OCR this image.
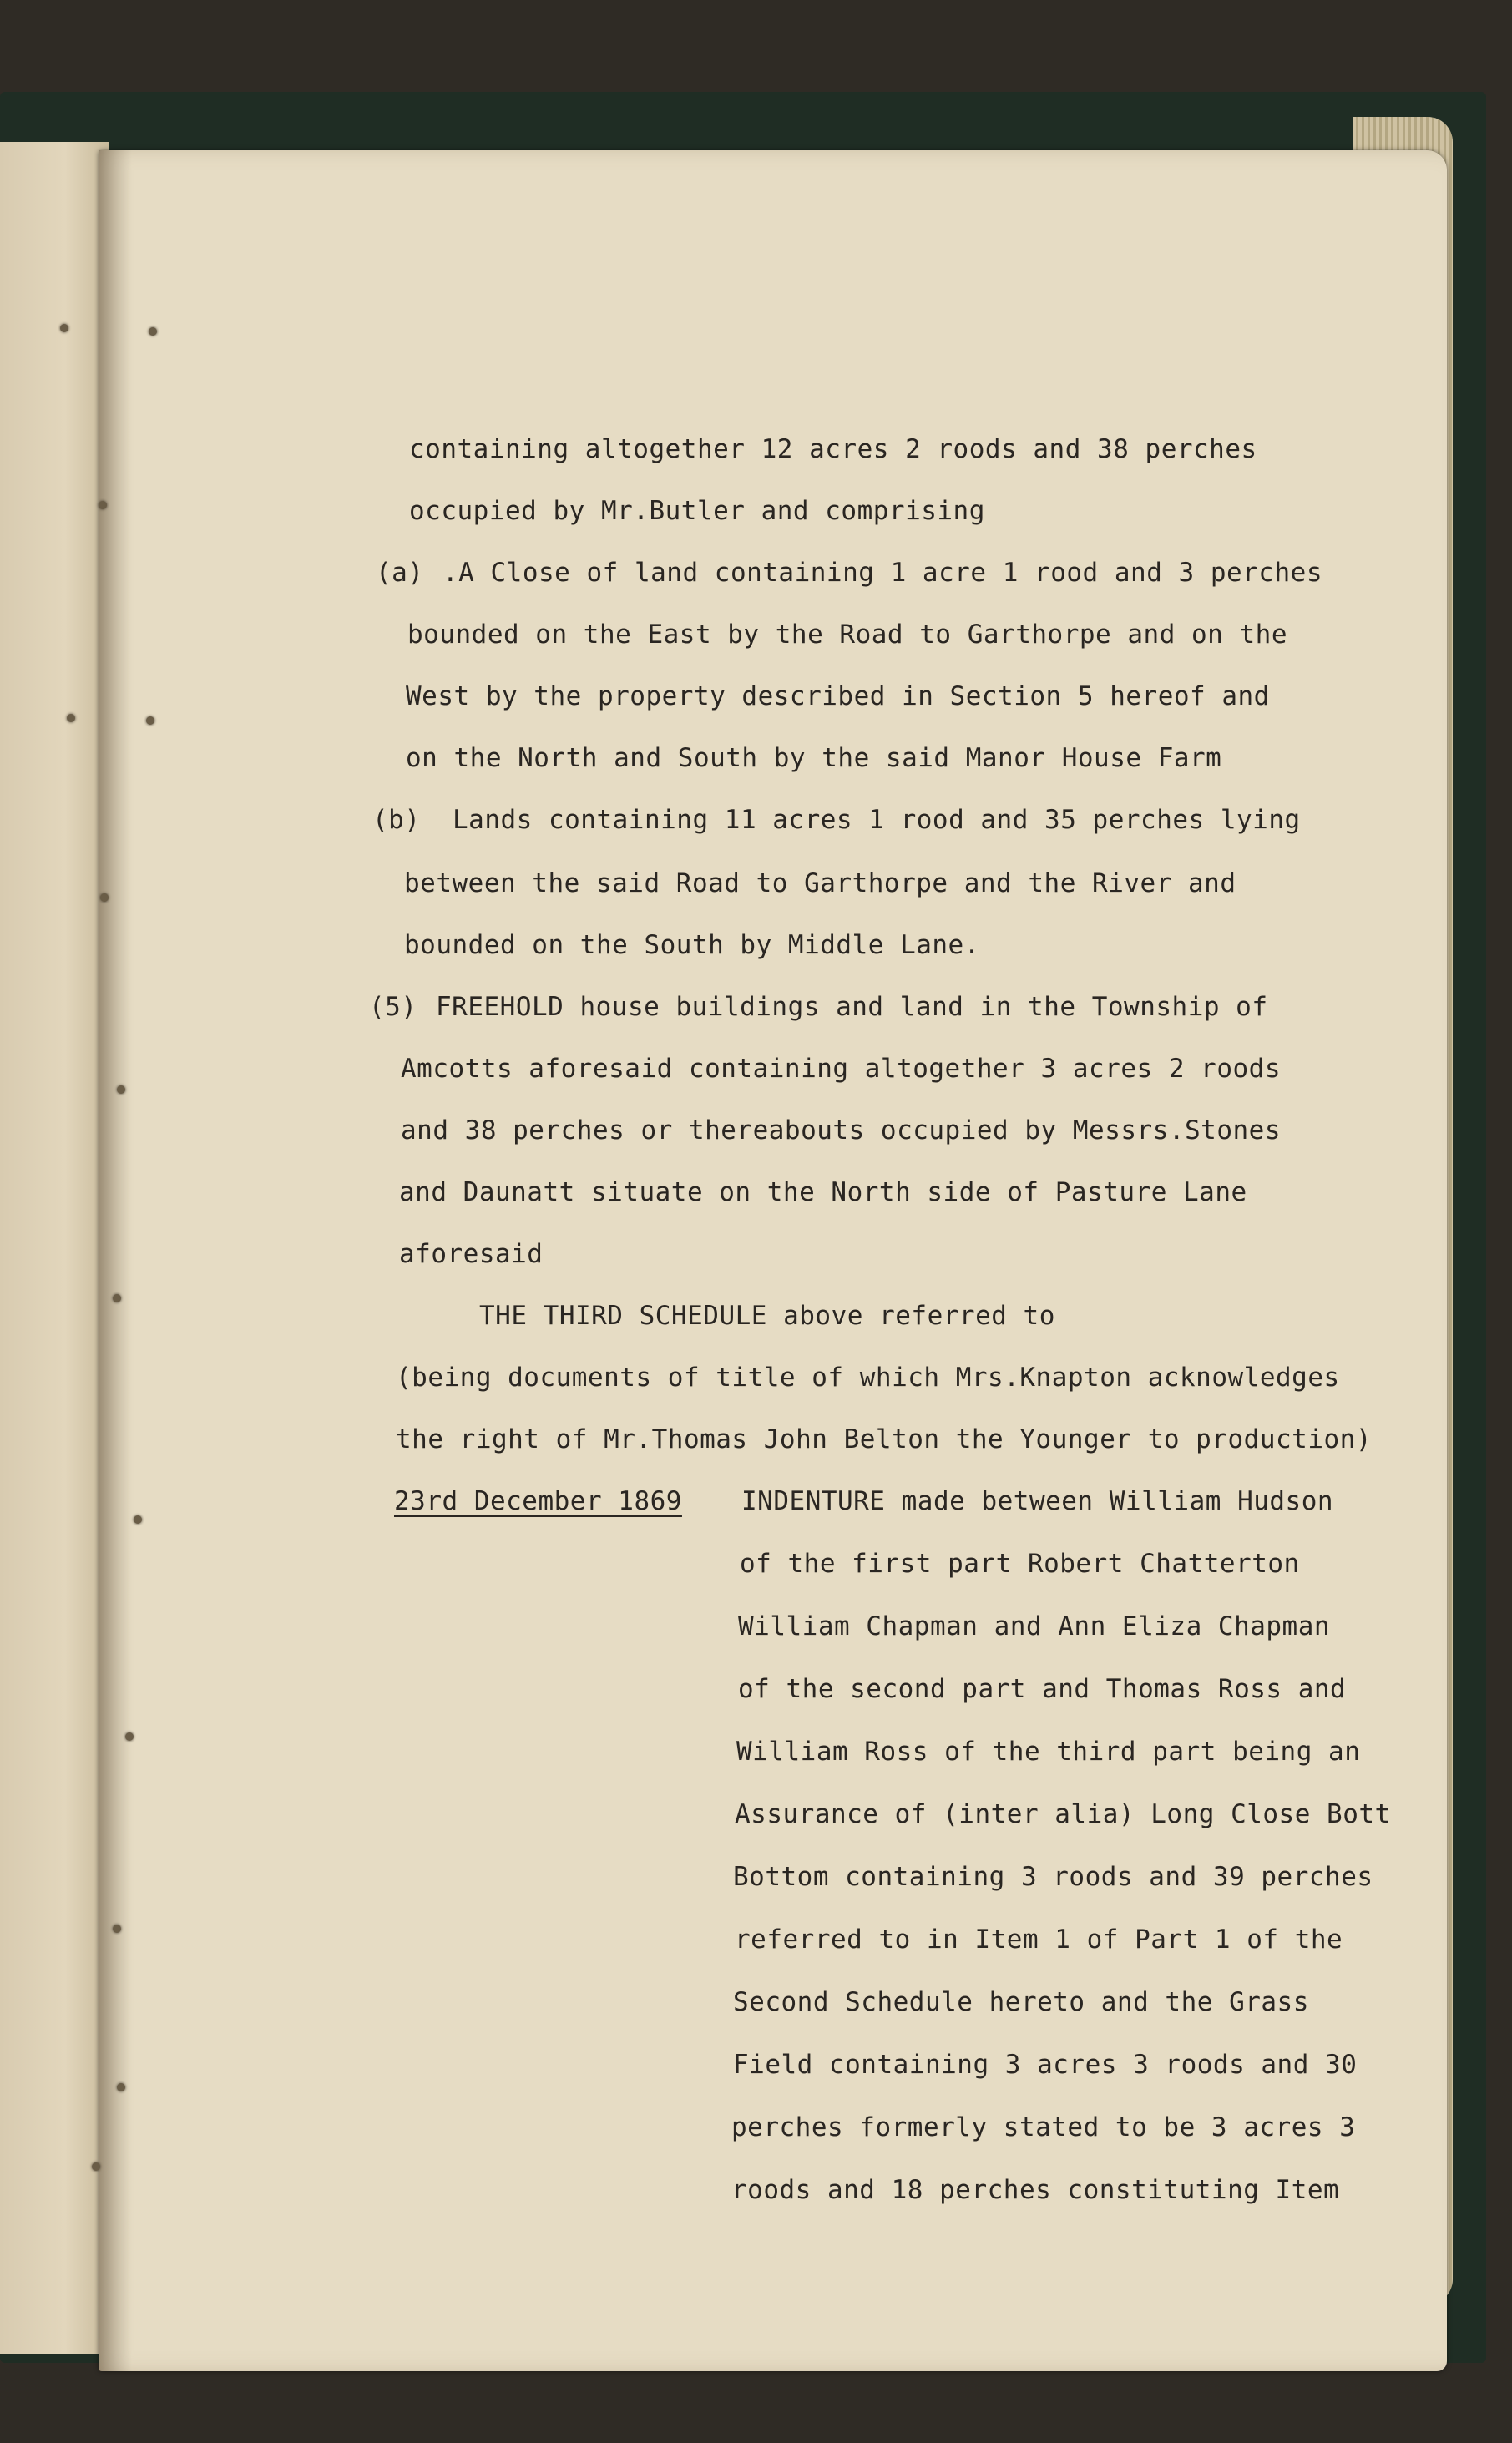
containing altogether 12 acres 2 roods and 38 perches
occupied by Mr.Butler and comprising
(a) .A Close of land containing 1 acre 1 rood and 3 perches
bounded on the East by the Road to Garthorpe and on the
West by the property described in Section 5 hereof and
on the North and South by the said Manor House Farm
(b) Lands containing 11 acres 1 rood and 35 perches lying
between the said Road to Garthorpe and the River and
bounded on the South by Middle Lane.
(5) FREEHOLD house buildings and land in the Township of
Amcotts aforesaid containing altogether 3 acres 2 roods
and 38 perches or thereabouts occupied by Messrs.Stones
and Daunatt situate on the North side of Pasture Lane
aforesaid
THE THIRD SCHEDULE above referred to
(being documents of title of which Mrs.Knapton acknowledges
the right of Mr.Thomas John Belton the Younger to production)
23rd December 1869 INDENTURE made between William Hudson
of the first part Robert Chatterton
William Chapman and Ann Eliza Chapman
of the second part and Thomas Ross and
William Ross of the third part being an
Assurance of (inter alia) Long Close Bott
Bottom containing 3 roods and 39 perches
referred to in Item 1 of Part 1 of the
Second Schedule hereto and the Grass
Field containing 3 acres 3 roods and 30
perches formerly stated to be 3 acres 3
roods and 18 perches constituting Item
